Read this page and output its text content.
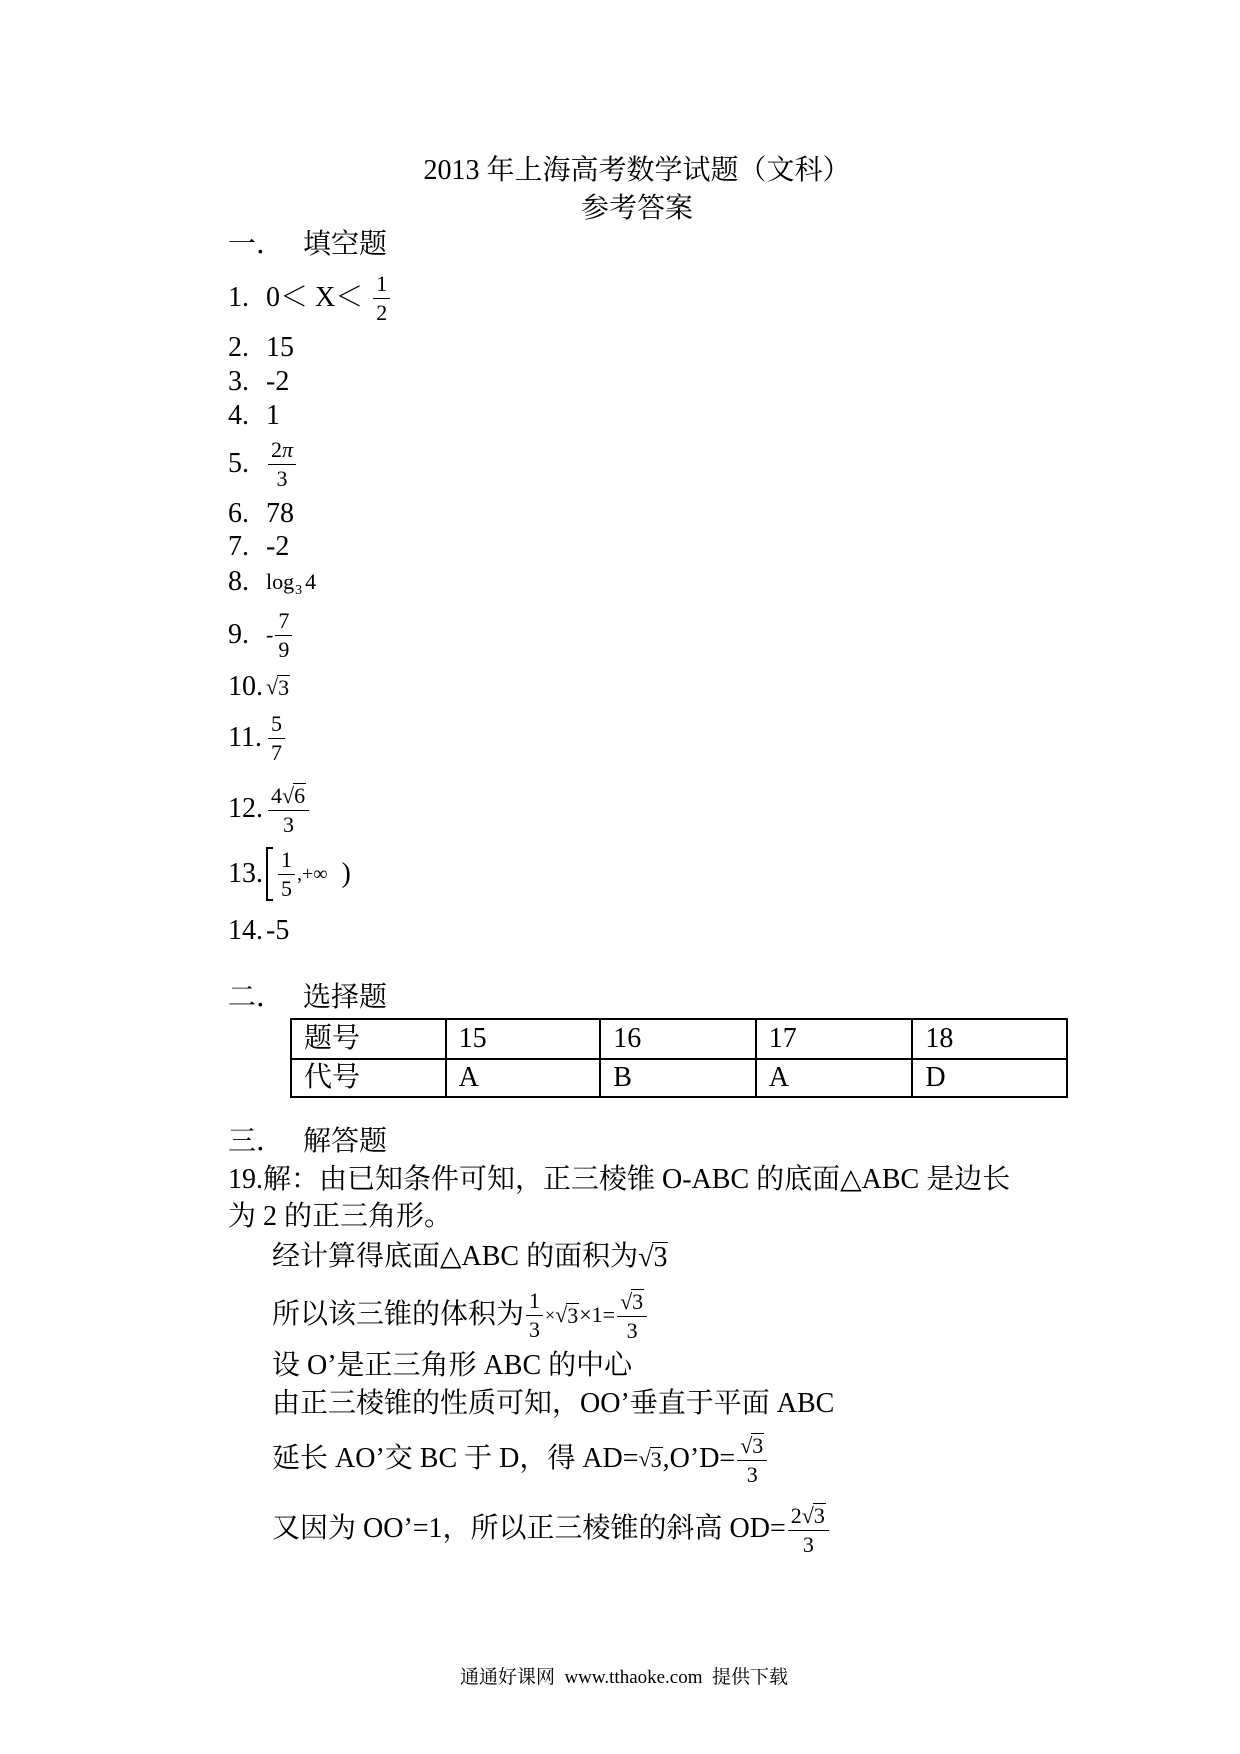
2013 年上海高考数学试题（文科）
参考答案
一． 填空题
1. $0< X< \frac{1}{2}$
2. 15
3. -2
4. 1
5. $\frac{2 \pi}{3}$
6. 78
7. -2
8. $\log_3 4$
9. - $\frac{7}{9}$
10. √ 3
11. $\frac{5}{7}$
12. $\frac{4 √ 6}{3}$
13. $\frac{1}{5}$ ,+∞ )
14. -5
二． 选择题
题号	15	16	17	18
代号	A	B	A	D
三． 解答题
19.解：由已知条件可知，正三棱锥 O-ABC 的底面△ABC 是边长
为 2 的正三角形。
经计算得底面△ABC 的面积为 √ 3
所以该三锥的体积为 $\frac{1}{3}$ × √ $3 \times 1= \frac{√ 3}{3}$
设 O’是正三角形 ABC 的中心
由正三棱锥的性质可知，OO’垂直于平面 ABC
延长 AO’交 BC 于 D，得 AD= √ 3 ,O’D= $\frac{√ 3}{3}$
又因为 OO’=1，所以正三棱锥的斜高 $OD= \frac{2 √ 3}{3}$
通通好课网  www.tthaoke.com  提供下载
